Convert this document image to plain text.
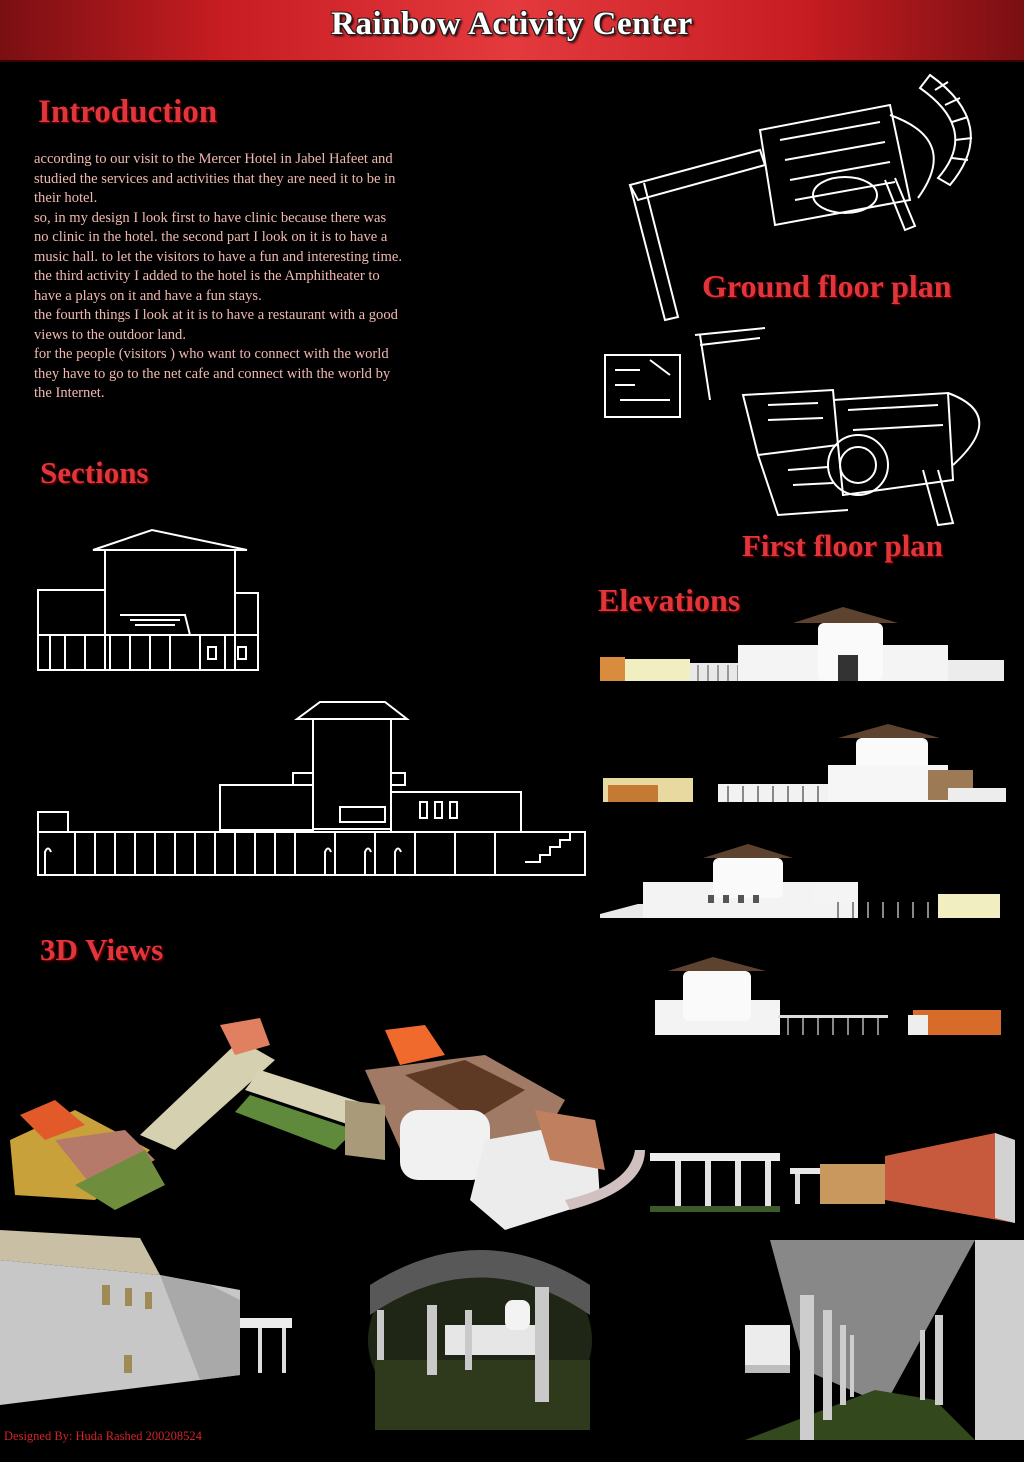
Rainbow Activity Center
Introduction

according to our visit to the Mercer Hotel in Jabel Hafeet and studied the services and activities that they are need it to be in their hotel.

so, in my design I look first to have clinic because there was no clinic in the hotel. the second part I look on it is to have a music hall. to let the visitors to have a fun and interesting time. the third activity I added to the hotel is the Amphitheater to have a plays on it and have a fun stays.

the fourth things I look at it is to have a restaurant with a good views to the outdoor land.

for the people (visitors ) who want to connect with the world they have to go to the net cafe and connect with the world by the Internet.

Ground floor plan
First floor plan
Sections
Elevations
3D Views
Designed By: Huda Rashed 200208524
